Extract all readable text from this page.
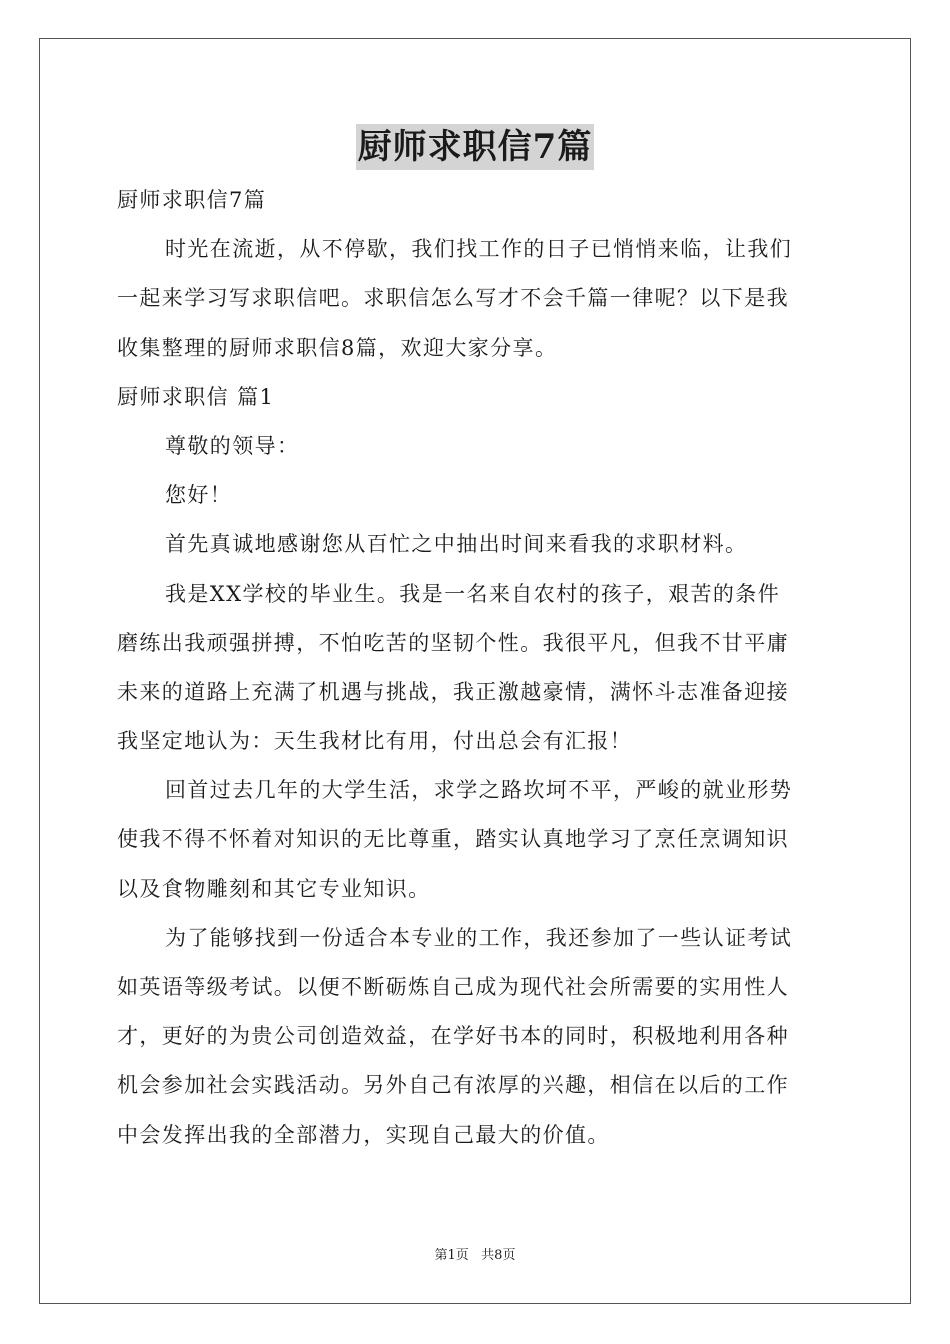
厨师求职信7篇
厨师求职信7篇
时光在流逝，从不停歇，我们找工作的日子已悄悄来临，让我们
一起来学习写求职信吧。求职信怎么写才不会千篇一律呢？以下是我
收集整理的厨师求职信8篇，欢迎大家分享。
厨师求职信 篇1
尊敬的领导：
您好！
首先真诚地感谢您从百忙之中抽出时间来看我的求职材料。
我是XX学校的毕业生。我是一名来自农村的孩子，艰苦的条件
磨练出我顽强拼搏，不怕吃苦的坚韧个性。我很平凡，但我不甘平庸
未来的道路上充满了机遇与挑战，我正激越豪情，满怀斗志准备迎接
我坚定地认为：天生我材比有用，付出总会有汇报！
回首过去几年的大学生活，求学之路坎坷不平，严峻的就业形势
使我不得不怀着对知识的无比尊重，踏实认真地学习了烹任烹调知识
以及食物雕刻和其它专业知识。
为了能够找到一份适合本专业的工作，我还参加了一些认证考试
如英语等级考试。以便不断砺炼自己成为现代社会所需要的实用性人
才，更好的为贵公司创造效益，在学好书本的同时，积极地利用各种
机会参加社会实践活动。另外自己有浓厚的兴趣，相信在以后的工作
中会发挥出我的全部潜力，实现自己最大的价值。
第1页   共8页
